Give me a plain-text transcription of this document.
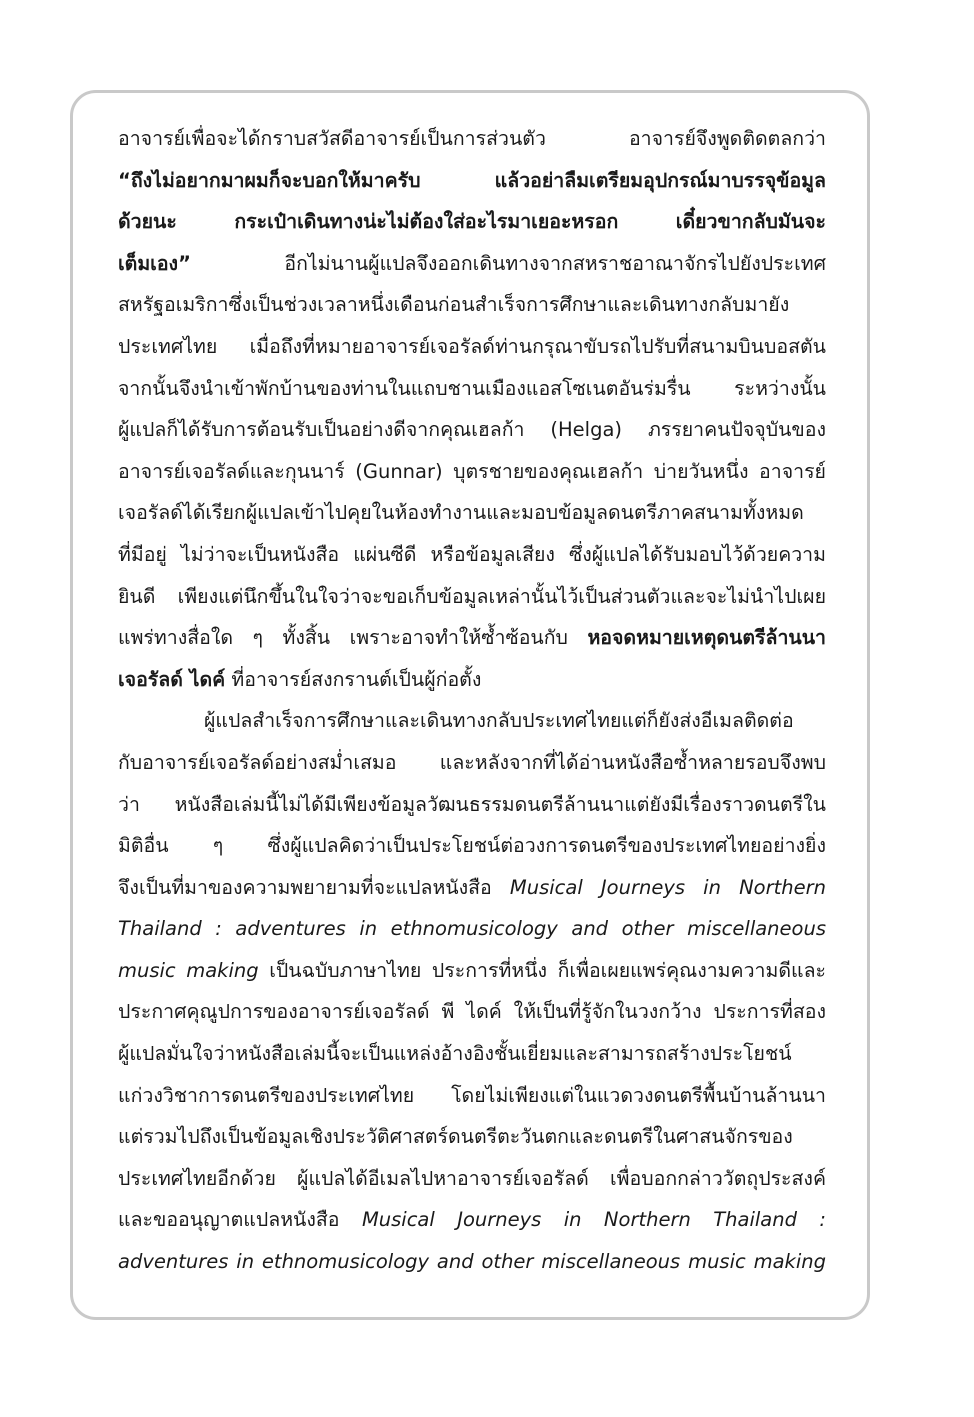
อาจารย์เพื่อจะได้กราบสวัสดีอาจารย์เป็นการส่วนตัว อาจารย์จึงพูดติดตลกว่า
“ถึงไม่อยากมาผมก็จะบอกให้มาครับ แล้วอย่าลืมเตรียมอุปกรณ์มาบรรจุข้อมูล
ด้วยนะ กระเป๋าเดินทางน่ะไม่ต้องใส่อะไรมาเยอะหรอก เดี๋ยวขากลับมันจะ
เต็มเอง” อีกไม่นานผู้แปลจึงออกเดินทางจากสหราชอาณาจักรไปยังประเทศ
สหรัฐอเมริกาซึ่งเป็นช่วงเวลาหนึ่งเดือนก่อนสำเร็จการศึกษาและเดินทางกลับมายัง
ประเทศไทย เมื่อถึงที่หมายอาจารย์เจอรัลด์ท่านกรุณาขับรถไปรับที่สนามบินบอสตัน
จากนั้นจึงนำเข้าพักบ้านของท่านในแถบชานเมืองแอสโซเนตอันร่มรื่น ระหว่างนั้น
ผู้แปลก็ได้รับการต้อนรับเป็นอย่างดีจากคุณเฮลก้า (Helga) ภรรยาคนปัจจุบันของ
อาจารย์เจอรัลด์และกุนนาร์ (Gunnar) บุตรชายของคุณเฮลก้า บ่ายวันหนึ่ง อาจารย์
เจอรัลด์ได้เรียกผู้แปลเข้าไปคุยในห้องทำงานและมอบข้อมูลดนตรีภาคสนามทั้งหมด
ที่มีอยู่ ไม่ว่าจะเป็นหนังสือ แผ่นซีดี หรือข้อมูลเสียง ซึ่งผู้แปลได้รับมอบไว้ด้วยความ
ยินดี เพียงแต่นึกขึ้นในใจว่าจะขอเก็บข้อมูลเหล่านั้นไว้เป็นส่วนตัวและจะไม่นำไปเผย
แพร่ทางสื่อใด ๆ ทั้งสิ้น เพราะอาจทำให้ซ้ำซ้อนกับ หอจดหมายเหตุดนตรีล้านนา
เจอรัลด์ ไดค์ ที่อาจารย์สงกรานต์เป็นผู้ก่อตั้ง
ผู้แปลสำเร็จการศึกษาและเดินทางกลับประเทศไทยแต่ก็ยังส่งอีเมลติดต่อ
กับอาจารย์เจอรัลด์อย่างสม่ำเสมอ และหลังจากที่ได้อ่านหนังสือซ้ำหลายรอบจึงพบ
ว่า หนังสือเล่มนี้ไม่ได้มีเพียงข้อมูลวัฒนธรรมดนตรีล้านนาแต่ยังมีเรื่องราวดนตรีใน
มิติอื่น ๆ ซึ่งผู้แปลคิดว่าเป็นประโยชน์ต่อวงการดนตรีของประเทศไทยอย่างยิ่ง
จึงเป็นที่มาของความพยายามที่จะแปลหนังสือ Musical Journeys in Northern
Thailand : adventures in ethnomusicology and other miscellaneous
music making เป็นฉบับภาษาไทย ประการที่หนึ่ง ก็เพื่อเผยแพร่คุณงามความดีและ
ประกาศคุณูปการของอาจารย์เจอรัลด์ พี ไดค์ ให้เป็นที่รู้จักในวงกว้าง ประการที่สอง
ผู้แปลมั่นใจว่าหนังสือเล่มนี้จะเป็นแหล่งอ้างอิงชั้นเยี่ยมและสามารถสร้างประโยชน์
แก่วงวิชาการดนตรีของประเทศไทย โดยไม่เพียงแต่ในแวดวงดนตรีพื้นบ้านล้านนา
แต่รวมไปถึงเป็นข้อมูลเชิงประวัติศาสตร์ดนตรีตะวันตกและดนตรีในศาสนจักรของ
ประเทศไทยอีกด้วย ผู้แปลได้อีเมลไปหาอาจารย์เจอรัลด์ เพื่อบอกกล่าววัตถุประสงค์
และขออนุญาตแปลหนังสือ Musical Journeys in Northern Thailand :
adventures in ethnomusicology and other miscellaneous music making
